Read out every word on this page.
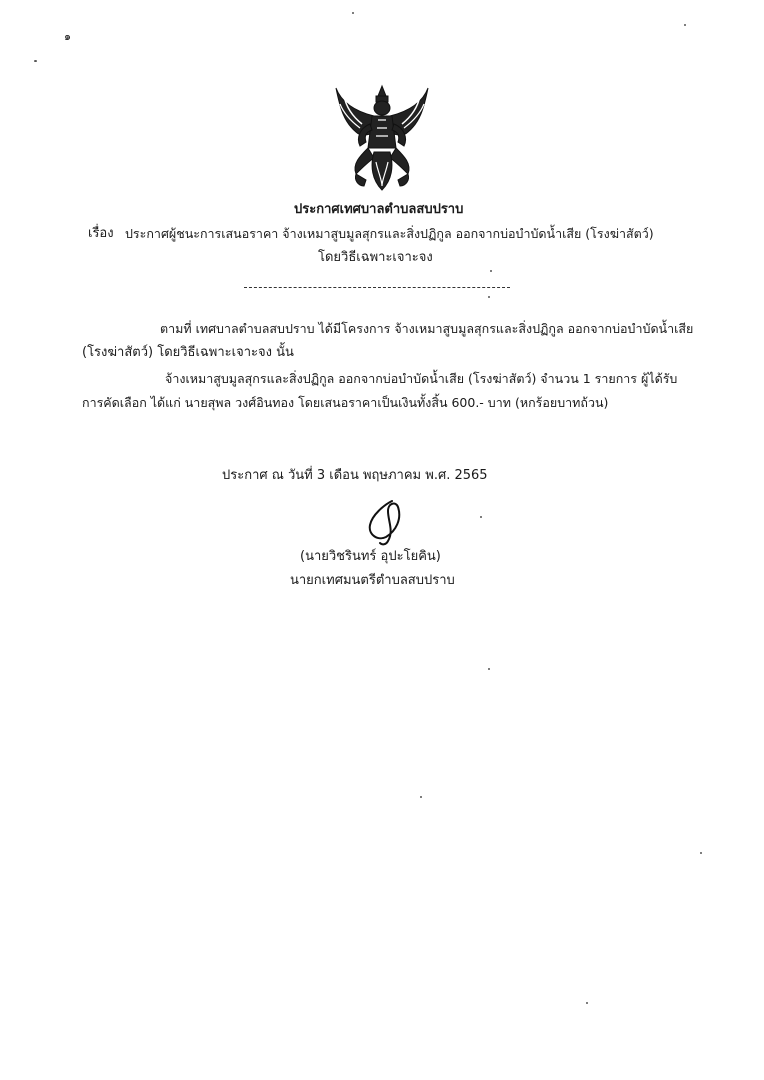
๑
ประกาศเทศบาลตำบลสบปราบ
เรื่อง ประกาศผู้ชนะการเสนอราคา จ้างเหมาสูบมูลสุกรและสิ่งปฏิกูล ออกจากบ่อบำบัดน้ำเสีย (โรงฆ่าสัตว์)
โดยวิธีเฉพาะเจาะจง
ตามที่ เทศบาลตำบลสบปราบ ได้มีโครงการ จ้างเหมาสูบมูลสุกรและสิ่งปฏิกูล ออกจากบ่อบำบัดน้ำเสีย
(โรงฆ่าสัตว์) โดยวิธีเฉพาะเจาะจง นั้น
จ้างเหมาสูบมูลสุกรและสิ่งปฏิกูล ออกจากบ่อบำบัดน้ำเสีย (โรงฆ่าสัตว์) จำนวน 1 รายการ ผู้ได้รับ
การคัดเลือก ได้แก่ นายสุพล วงศ์อินทอง โดยเสนอราคาเป็นเงินทั้งสิ้น 600.- บาท (หกร้อยบาทถ้วน)
ประกาศ ณ วันที่ 3 เดือน พฤษภาคม พ.ศ. 2565
(นายวิชรินทร์ อุปะโยคิน)
นายกเทศมนตรีตำบลสบปราบ
